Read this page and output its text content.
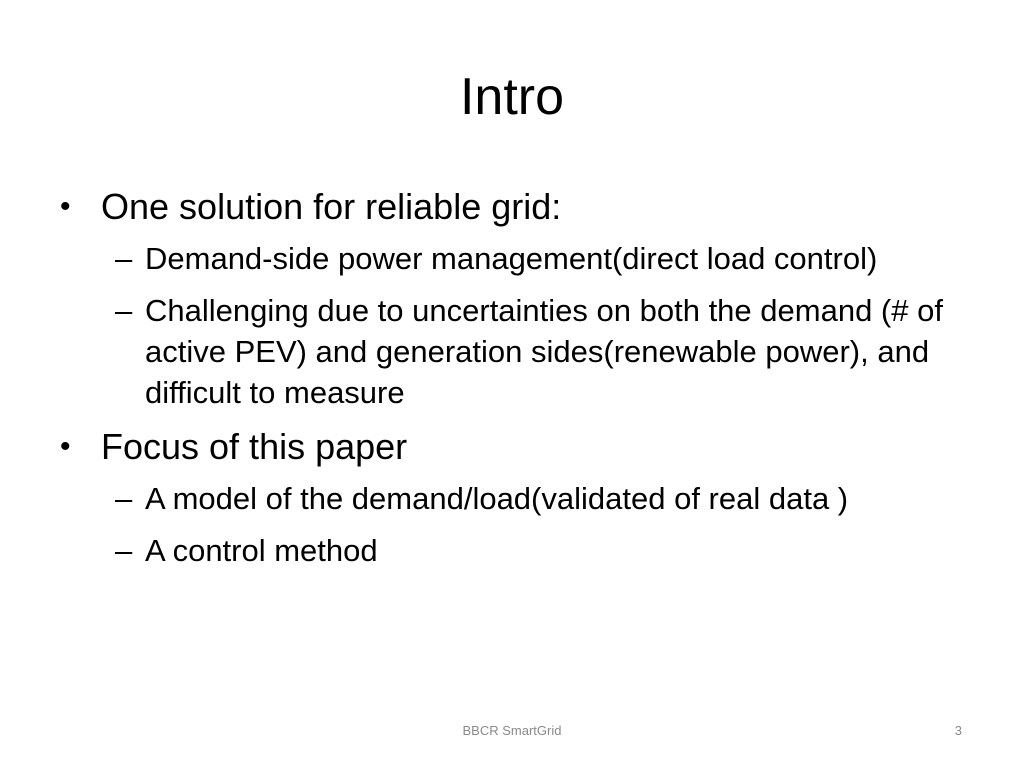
Intro
• One solution for reliable grid:
– Demand-side power management(direct load control)
– Challenging due to uncertainties on both the demand (# of active PEV) and generation sides(renewable power), and difficult to measure
• Focus of this paper
– A model of the demand/load(validated of real data )
– A control method
BBCR SmartGrid	3
